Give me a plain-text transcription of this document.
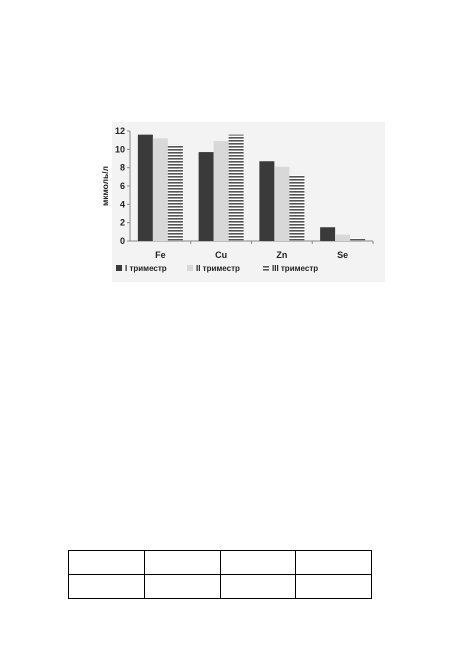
0
2
4
6
8
10
12
Fe	Cu	Zn	Se
мкмоль/л
I триместр	II триместр	III триместр
